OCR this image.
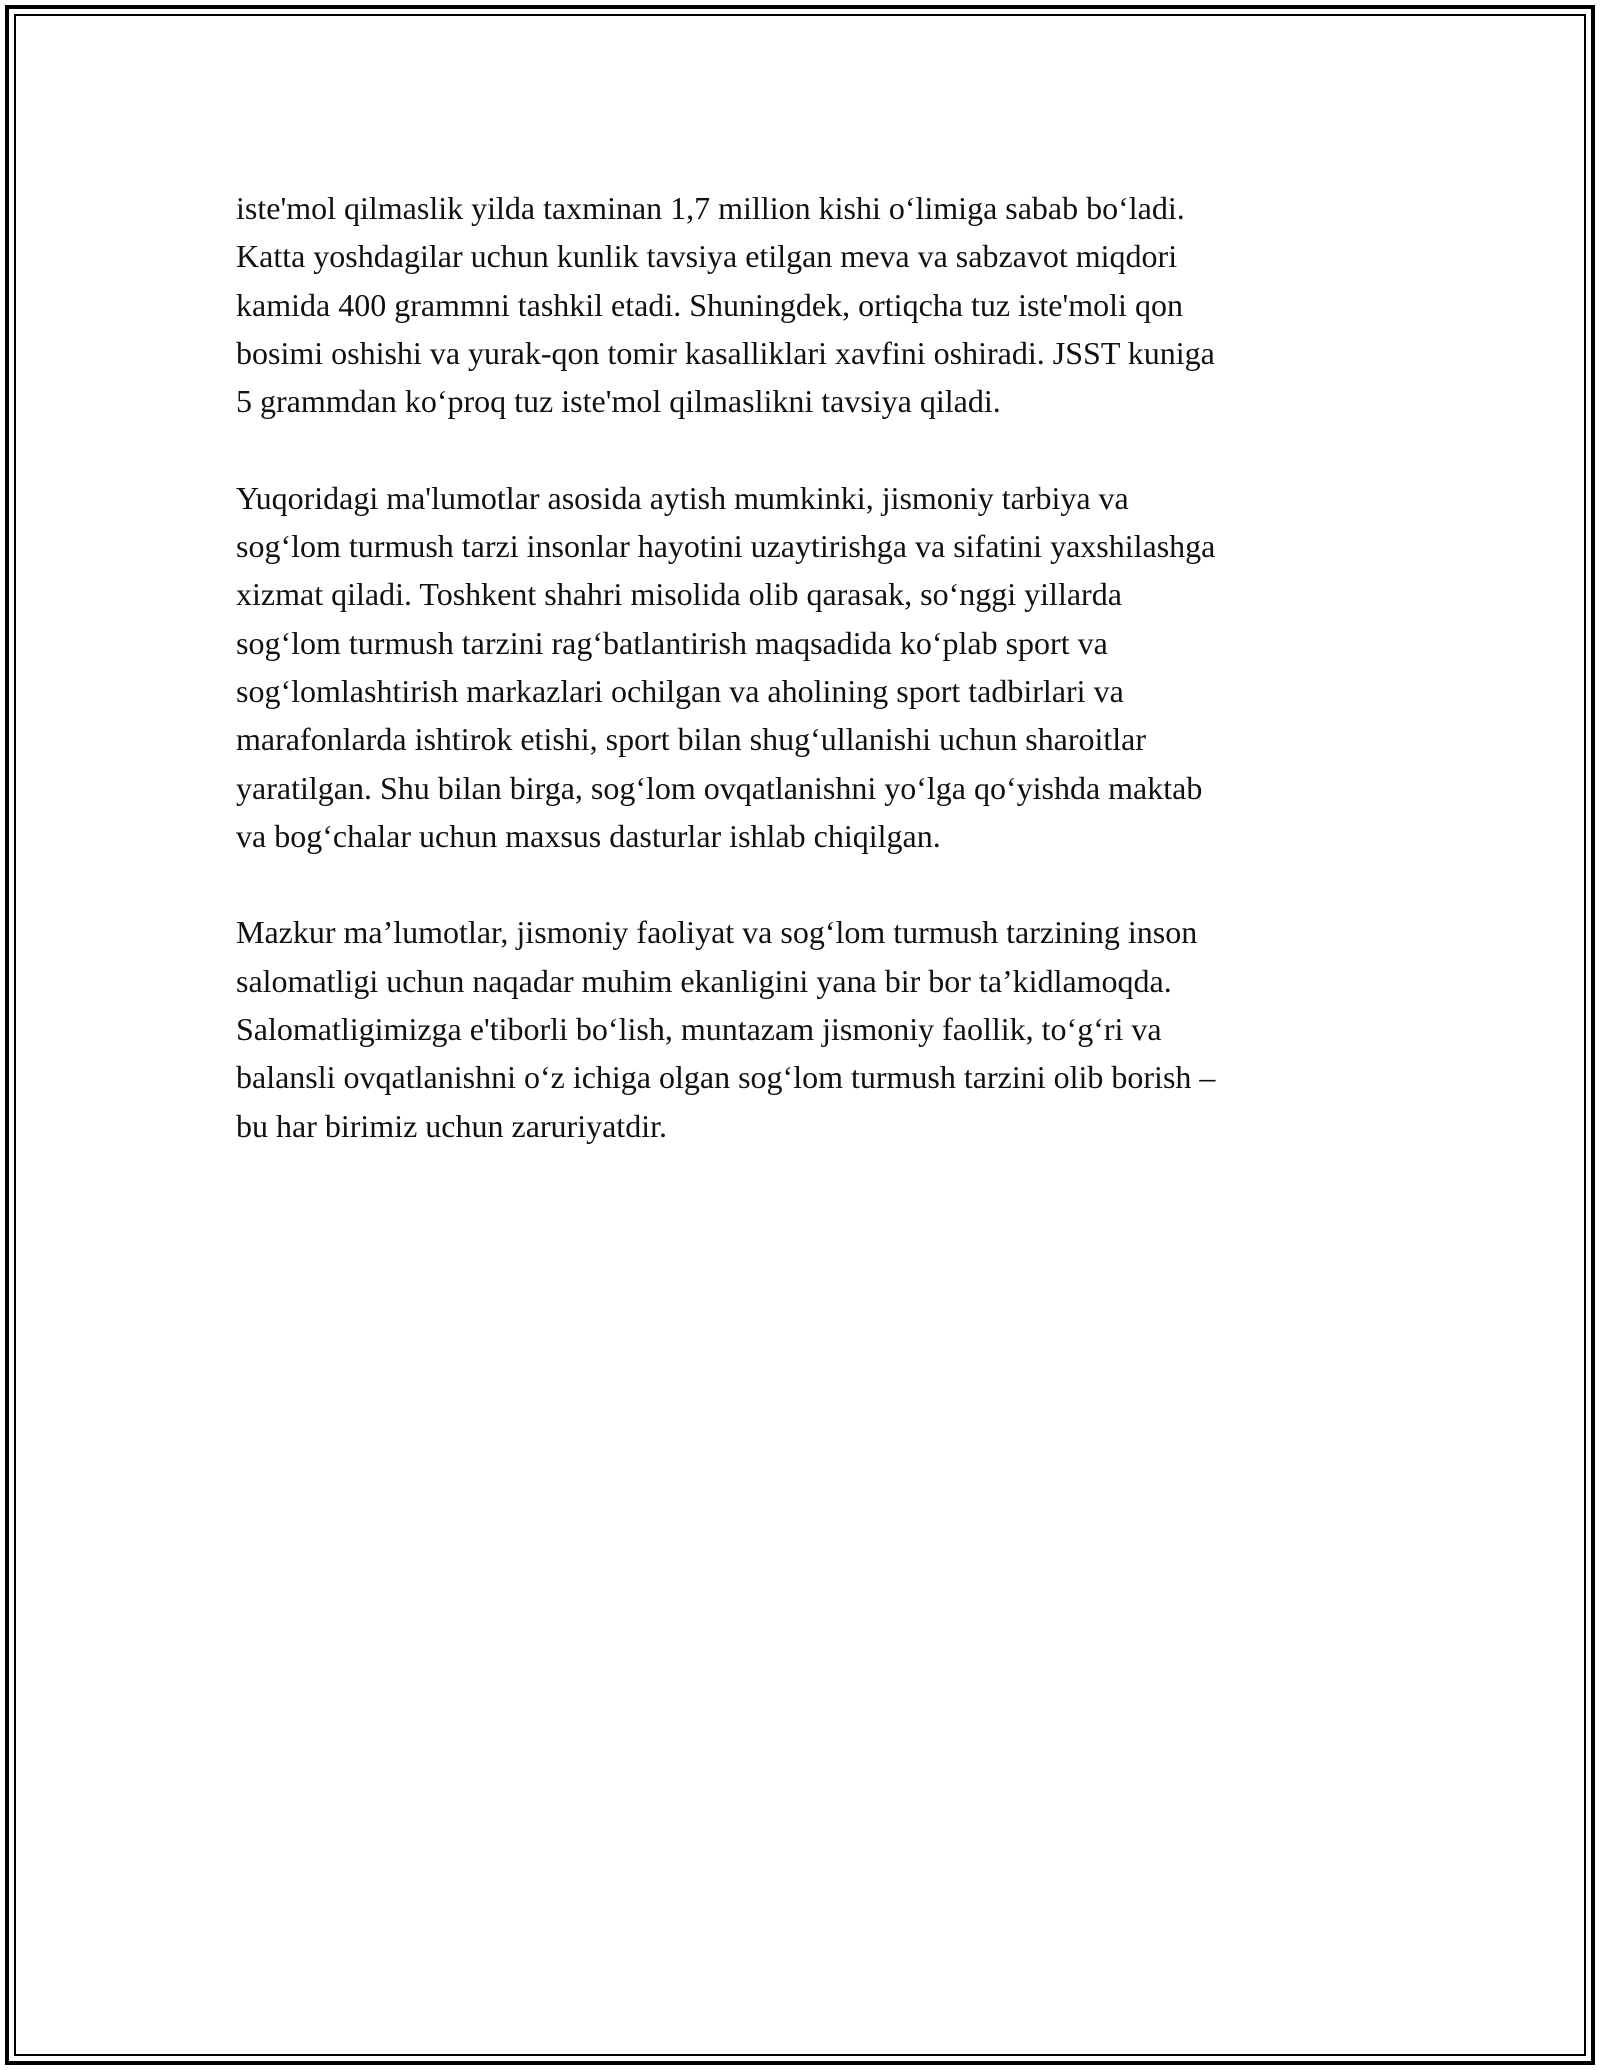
iste'mol qilmaslik yilda taxminan 1,7 million kishi o‘limiga sabab bo‘ladi.
Katta yoshdagilar uchun kunlik tavsiya etilgan meva va sabzavot miqdori
kamida 400 grammni tashkil etadi. Shuningdek, ortiqcha tuz iste'moli qon
bosimi oshishi va yurak-qon tomir kasalliklari xavfini oshiradi. JSST kuniga
5 grammdan ko‘proq tuz iste'mol qilmaslikni tavsiya qiladi.
Yuqoridagi ma'lumotlar asosida aytish mumkinki, jismoniy tarbiya va
sog‘lom turmush tarzi insonlar hayotini uzaytirishga va sifatini yaxshilashga
xizmat qiladi. Toshkent shahri misolida olib qarasak, so‘nggi yillarda
sog‘lom turmush tarzini rag‘batlantirish maqsadida ko‘plab sport va
sog‘lomlashtirish markazlari ochilgan va aholining sport tadbirlari va
marafonlarda ishtirok etishi, sport bilan shug‘ullanishi uchun sharoitlar
yaratilgan. Shu bilan birga, sog‘lom ovqatlanishni yo‘lga qo‘yishda maktab
va bog‘chalar uchun maxsus dasturlar ishlab chiqilgan.
Mazkur ma’lumotlar, jismoniy faoliyat va sog‘lom turmush tarzining inson
salomatligi uchun naqadar muhim ekanligini yana bir bor ta’kidlamoqda.
Salomatligimizga e'tiborli bo‘lish, muntazam jismoniy faollik, to‘g‘ri va
balansli ovqatlanishni o‘z ichiga olgan sog‘lom turmush tarzini olib borish –
bu har birimiz uchun zaruriyatdir.
